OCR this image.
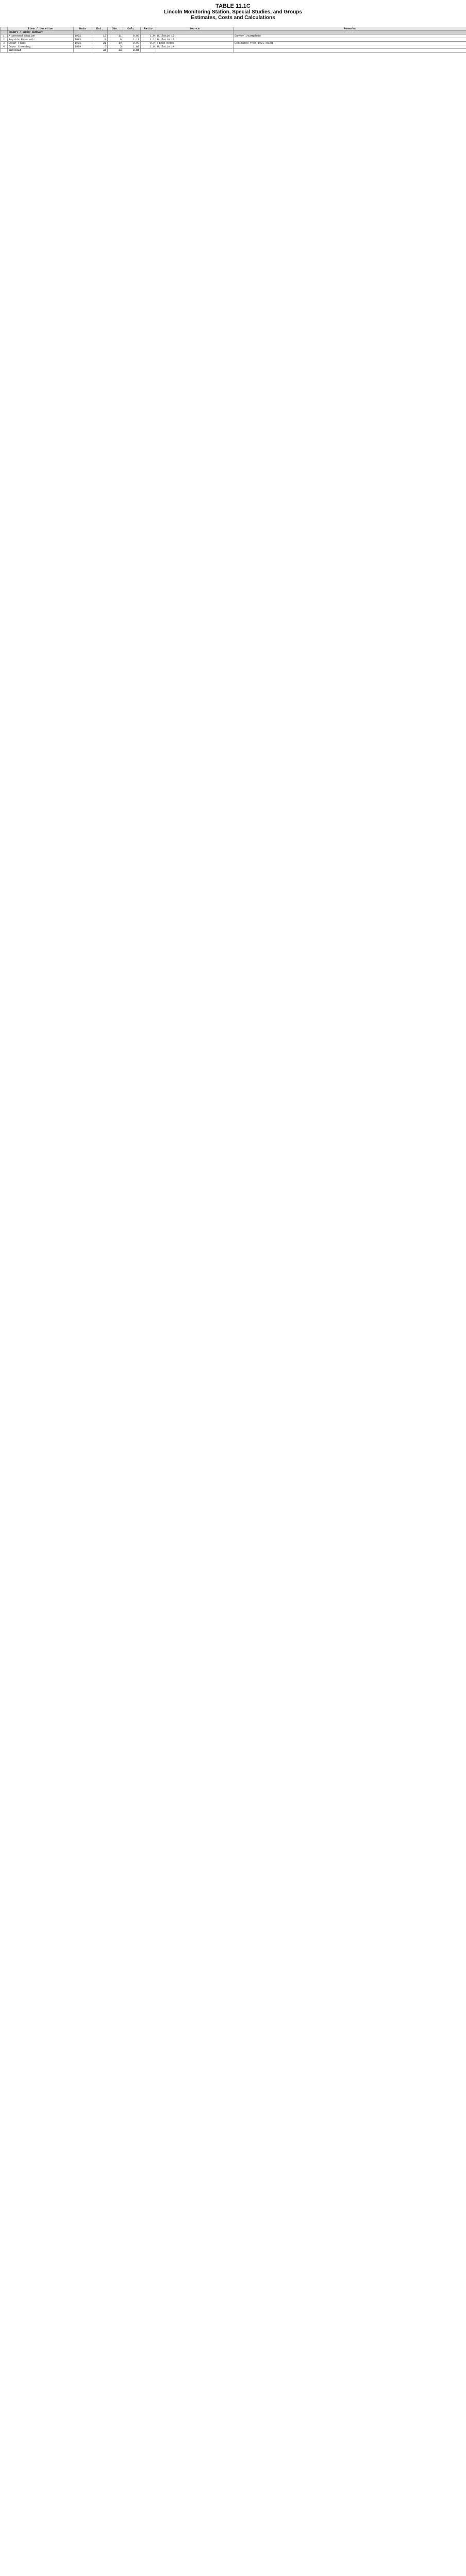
TABLE 11.1C
Lincoln Monitoring Station, Special Studies, and Groups
Estimates, Costs and Calculations
	Item / Location	Date	Est.	Obs.	Calc.	Ratio	Source	Remarks
	COUNTY / GROUP SUMMARY							
1	Alderwood Station	1972	12	11	0.92	1.0	Bulletin 12	Survey incomplete
2	Bayside Reservoir	1973	8	9	1.13	1.1	Bulletin 12	
3	Cedar Flats	1973	21	19	0.90	0.9	Field Notes	Estimated from 1971 count
4	Dover Crossing	1974	5	5	1.00	1.0	Bulletin 14	
	Subtotal		46	44	0.96			
